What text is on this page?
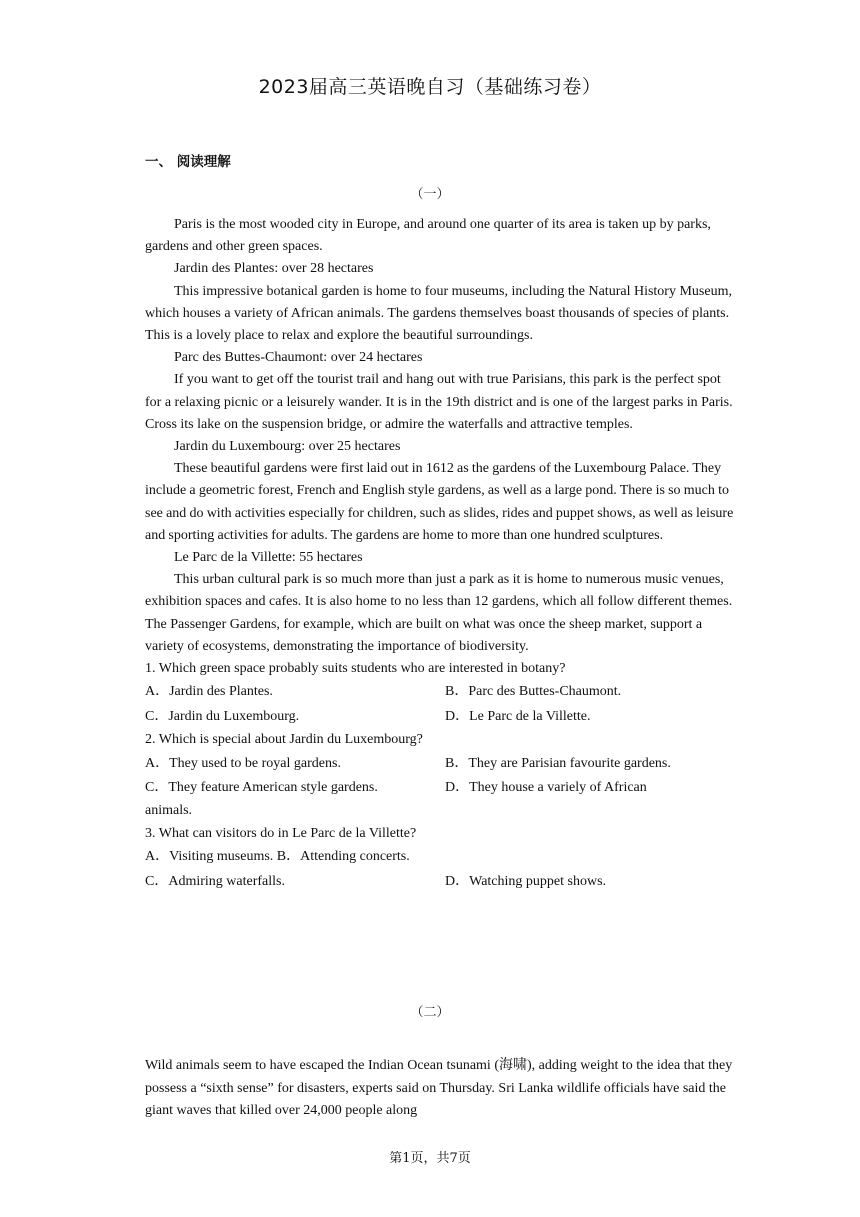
2023届高三英语晚自习（基础练习卷）
一、 阅读理解
（一）

Paris is the most wooded city in Europe, and around one quarter of its area is taken up by parks, gardens and other green spaces.

Jardin des Plantes: over 28 hectares

This impressive botanical garden is home to four museums, including the Natural History Museum, which houses a variety of African animals. The gardens themselves boast thousands of species of plants. This is a lovely place to relax and explore the beautiful surroundings.

Parc des Buttes-Chaumont: over 24 hectares

If you want to get off the tourist trail and hang out with true Parisians, this park is the perfect spot for a relaxing picnic or a leisurely wander. It is in the 19th district and is one of the largest parks in Paris. Cross its lake on the suspension bridge, or admire the waterfalls and attractive temples.

Jardin du Luxembourg: over 25 hectares

These beautiful gardens were first laid out in 1612 as the gardens of the Luxembourg Palace. They include a geometric forest, French and English style gardens, as well as a large pond. There is so much to see and do with activities especially for children, such as slides, rides and puppet shows, as well as leisure and sporting activities for adults. The gardens are home to more than one hundred sculptures.

Le Parc de la Villette: 55 hectares

This urban cultural park is so much more than just a park as it is home to numerous music venues, exhibition spaces and cafes. It is also home to no less than 12 gardens, which all follow different themes. The Passenger Gardens, for example, which are built on what was once the sheep market, support a variety of ecosystems, demonstrating the importance of biodiversity.

1. Which green space probably suits students who are interested in botany?

A．Jardin des Plantes.	B．Parc des Buttes-Chaumont.
C．Jardin du Luxembourg.	D．Le Parc de la Villette.

2. Which is special about Jardin du Luxembourg?

A．They used to be royal gardens.	B．They are Parisian favourite gardens.
C．They feature American style gardens.	D．They house a variely of African

animals.

3. What can visitors do in Le Parc de la Villette?

A．Visiting museums. B．Attending concerts.
C．Admiring waterfalls.	D．Watching puppet shows.
（二）

Wild animals seem to have escaped the Indian Ocean tsunami (海啸), adding weight to the idea that they possess a “sixth sense” for disasters, experts said on Thursday. Sri Lanka wildlife officials have said the giant waves that killed over 24,000 people along

第1页，共7页
